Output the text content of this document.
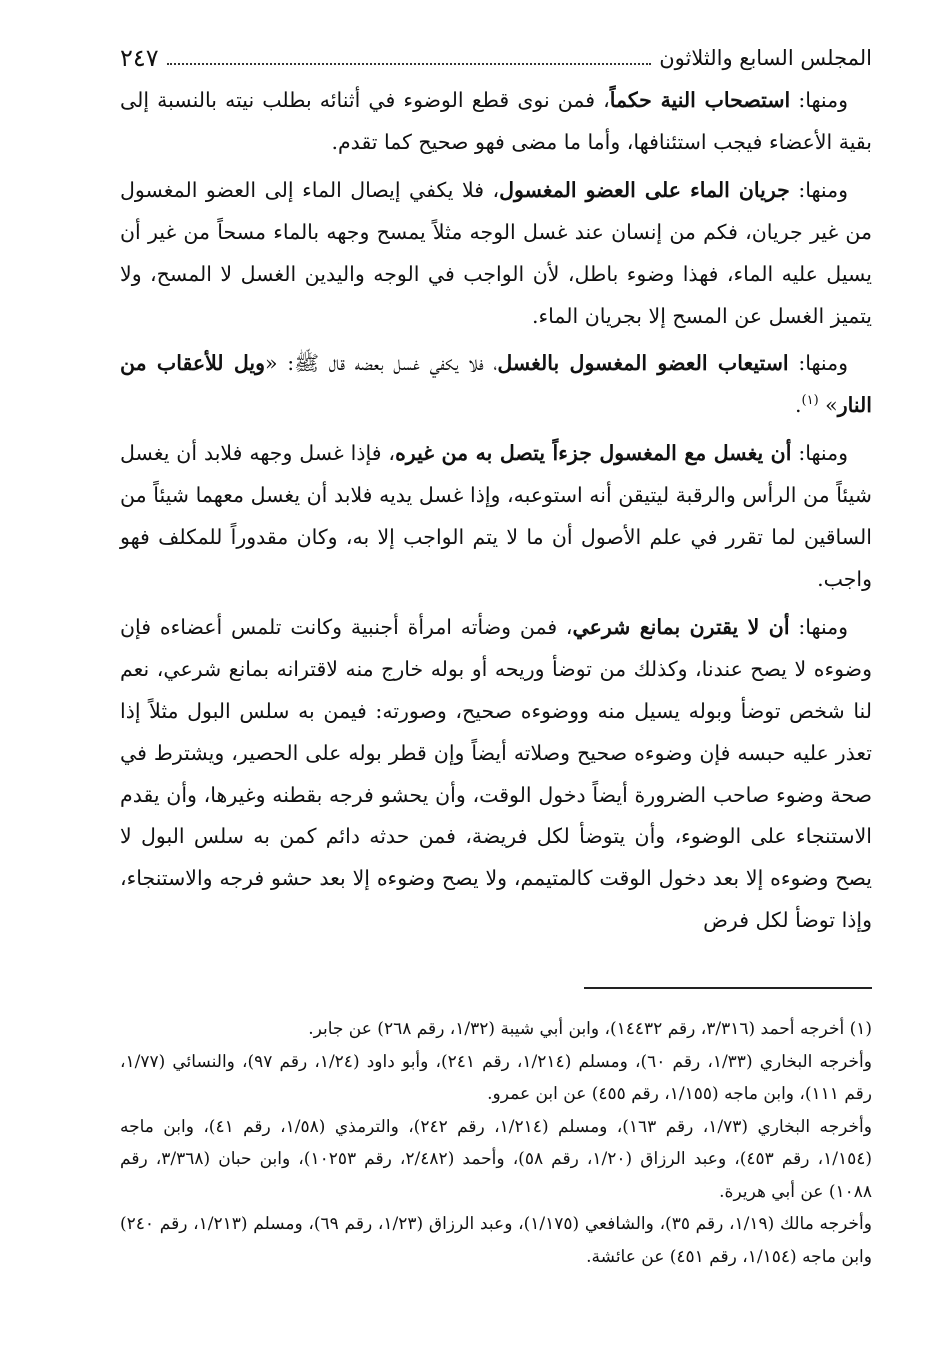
المجلس السابع والثلاثون
٢٤٧

ومنها: استصحاب النية حكماً، فمن نوى قطع الوضوء في أثنائه بطلب نيته بالنسبة إلى بقية الأعضاء فيجب استئنافها، وأما ما مضى فهو صحيح كما تقدم.

ومنها: جريان الماء على العضو المغسول، فلا يكفي إيصال الماء إلى العضو المغسول من غير جريان، فكم من إنسان عند غسل الوجه مثلاً يمسح وجهه بالماء مسحاً من غير أن يسيل عليه الماء، فهذا وضوء باطل، لأن الواجب في الوجه واليدين الغسل لا المسح، ولا يتميز الغسل عن المسح إلا بجريان الماء.

ومنها: استيعاب العضو المغسول بالغسل، فلا يكفي غسل بعضه قال ﷺ: «ويل للأعقاب من النار» $^{(١)}$.

ومنها: أن يغسل مع المغسول جزءاً يتصل به من غيره، فإذا غسل وجهه فلابد أن يغسل شيئاً من الرأس والرقبة ليتيقن أنه استوعبه، وإذا غسل يديه فلابد أن يغسل معهما شيئاً من الساقين لما تقرر في علم الأصول أن ما لا يتم الواجب إلا به، وكان مقدوراً للمكلف فهو واجب.

ومنها: أن لا يقترن بمانع شرعي، فمن وضأته امرأة أجنبية وكانت تلمس أعضاءه فإن وضوءه لا يصح عندنا، وكذلك من توضأ وريحه أو بوله خارج منه لاقترانه بمانع شرعي، نعم لنا شخص توضأ وبوله يسيل منه ووضوءه صحيح، وصورته: فيمن به سلس البول مثلاً إذا تعذر عليه حبسه فإن وضوءه صحيح وصلاته أيضاً وإن قطر بوله على الحصير، ويشترط في صحة وضوء صاحب الضرورة أيضاً دخول الوقت، وأن يحشو فرجه بقطنه وغيرها، وأن يقدم الاستنجاء على الوضوء، وأن يتوضأ لكل فريضة، فمن حدثه دائم كمن به سلس البول لا يصح وضوءه إلا بعد دخول الوقت كالمتيمم، ولا يصح وضوءه إلا بعد حشو فرجه والاستنجاء، وإذا توضأ لكل فرض

(١) أخرجه أحمد (٣/٣١٦، رقم ١٤٤٣٢)، وابن أبي شيبة (١/٣٢، رقم ٢٦٨) عن جابر.

وأخرجه البخاري (١/٣٣، رقم ٦٠)، ومسلم (١/٢١٤، رقم ٢٤١)، وأبو داود (١/٢٤، رقم ٩٧)، والنسائي (١/٧٧، رقم ١١١)، وابن ماجه (١/١٥٥، رقم ٤٥٥) عن ابن عمرو.

وأخرجه البخاري (١/٧٣، رقم ١٦٣)، ومسلم (١/٢١٤، رقم ٢٤٢)، والترمذي (١/٥٨، رقم ٤١)، وابن ماجه (١/١٥٤، رقم ٤٥٣)، وعبد الرزاق (١/٢٠، رقم ٥٨)، وأحمد (٢/٤٨٢، رقم ١٠٢٥٣)، وابن حبان (٣/٣٦٨، رقم ١٠٨٨) عن أبي هريرة.

وأخرجه مالك (١/١٩، رقم ٣٥)، والشافعي (١/١٧٥)، وعبد الرزاق (١/٢٣، رقم ٦٩)، ومسلم (١/٢١٣، رقم ٢٤٠) وابن ماجه (١/١٥٤، رقم ٤٥١) عن عائشة.
